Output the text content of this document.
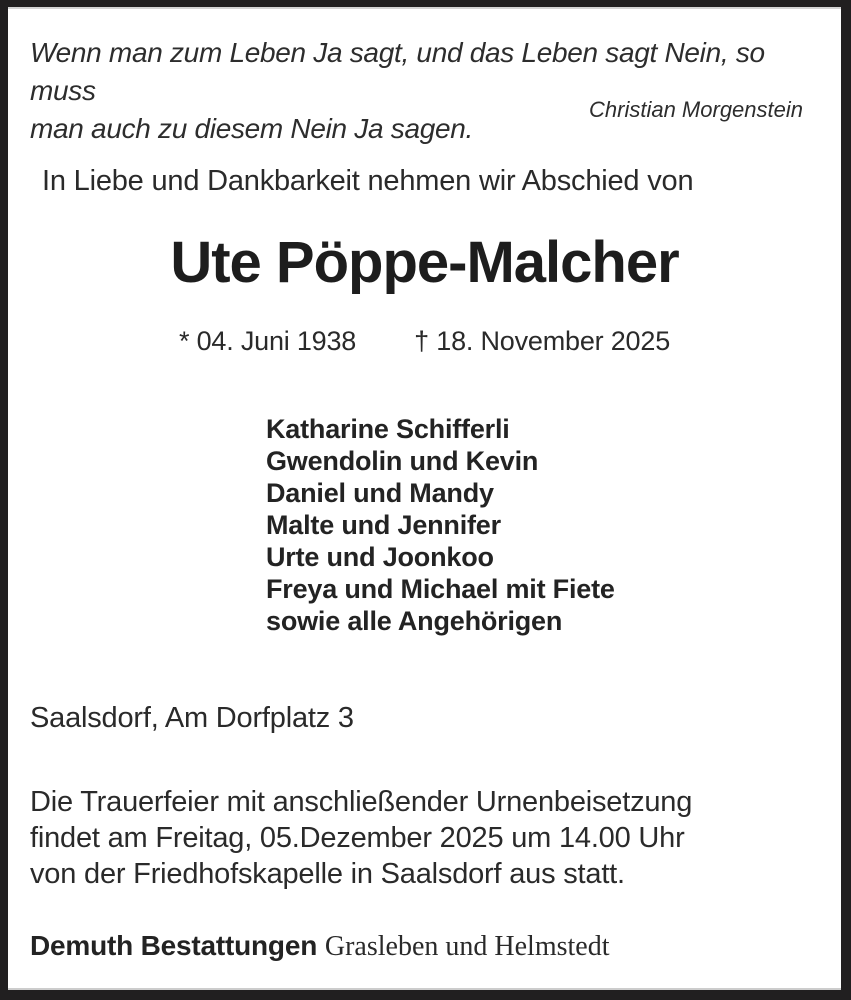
Wenn man zum Leben Ja sagt, und das Leben sagt Nein, so muss
man auch zu diesem Nein Ja sagen.
Christian Morgenstein
In Liebe und Dankbarkeit nehmen wir Abschied von
Ute Pöppe-Malcher
* 04. Juni 1938 † 18. November 2025
Katharine Schifferli
Gwendolin und Kevin
Daniel und Mandy
Malte und Jennifer
Urte und Joonkoo
Freya und Michael mit Fiete
sowie alle Angehörigen
Saalsdorf, Am Dorfplatz 3
Die Trauerfeier mit anschließender Urnenbeisetzung
findet am Freitag, 05.Dezember 2025 um 14.00 Uhr
von der Friedhofskapelle in Saalsdorf aus statt.
Demuth Bestattungen Grasleben und Helmstedt
